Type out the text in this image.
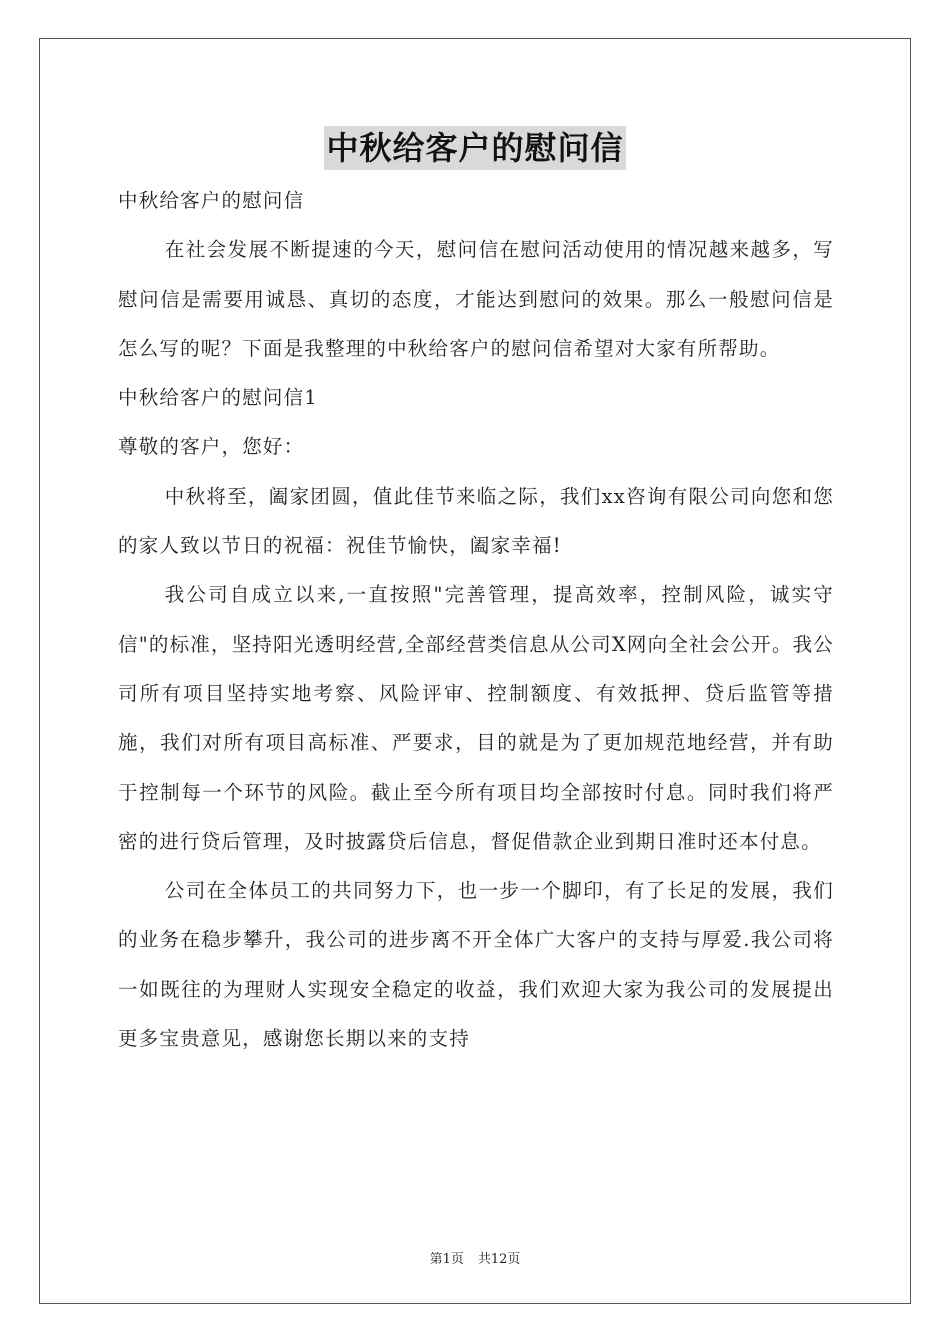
中秋给客户的慰问信

中秋给客户的慰问信

在社会发展不断提速的今天，慰问信在慰问活动使用的情况越来越多，写慰问信是需要用诚恳、真切的态度，才能达到慰问的效果。那么一般慰问信是怎么写的呢？下面是我整理的中秋给客户的慰问信希望对大家有所帮助。

中秋给客户的慰问信1

尊敬的客户，您好：

中秋将至，阖家团圆，值此佳节来临之际，我们xx咨询有限公司向您和您的家人致以节日的祝福：祝佳节愉快，阖家幸福!

我公司自成立以来,一直按照"完善管理，提高效率，控制风险，诚实守信"的标准，坚持阳光透明经营,全部经营类信息从公司X网向全社会公开。我公司所有项目坚持实地考察、风险评审、控制额度、有效抵押、贷后监管等措施，我们对所有项目高标准、严要求，目的就是为了更加规范地经营，并有助于控制每一个环节的风险。截止至今所有项目均全部按时付息。同时我们将严密的进行贷后管理，及时披露贷后信息，督促借款企业到期日准时还本付息。

公司在全体员工的共同努力下，也一步一个脚印，有了长足的发展，我们的业务在稳步攀升，我公司的进步离不开全体广大客户的支持与厚爱.我公司将一如既往的为理财人实现安全稳定的收益，我们欢迎大家为我公司的发展提出更多宝贵意见，感谢您长期以来的支持

第1页 共12页
